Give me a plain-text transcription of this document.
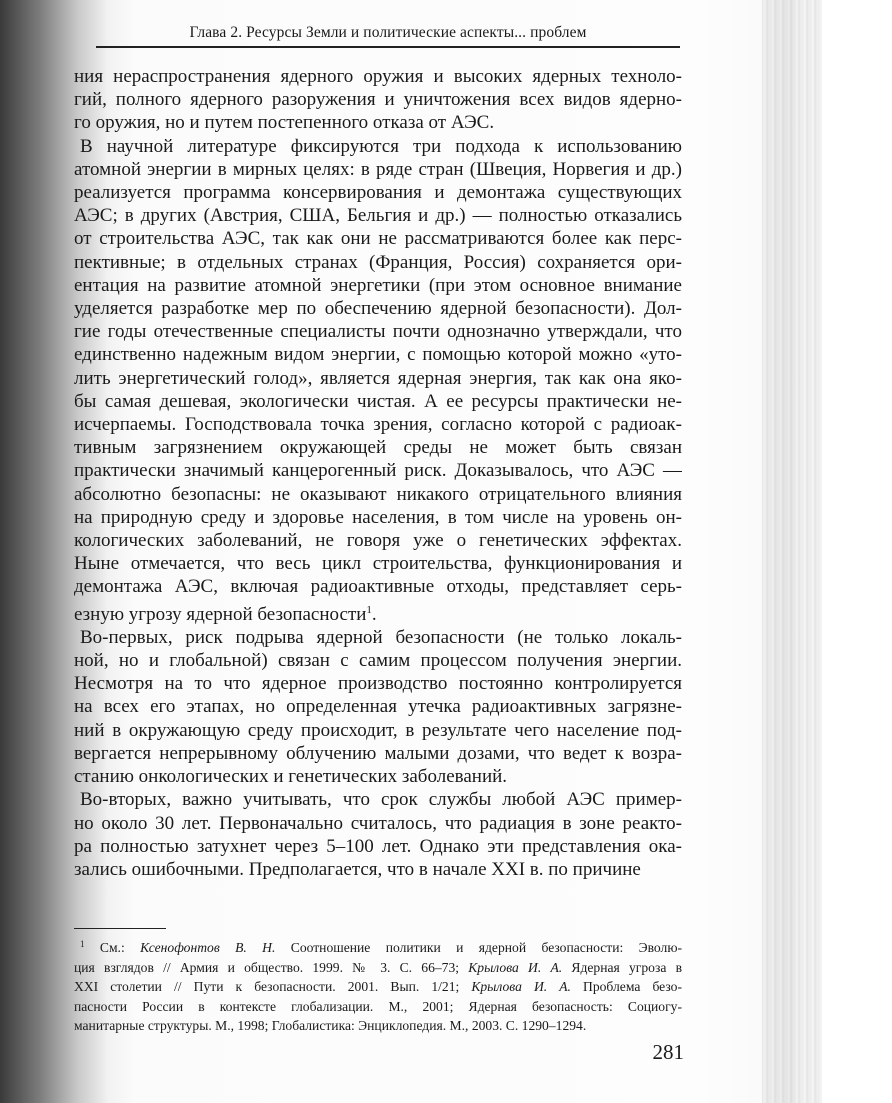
Глава 2. Ресурсы Земли и политические аспекты... проблем
ния нераспространения ядерного оружия и высоких ядерных техноло-
гий, полного ядерного разоружения и уничтожения всех видов ядерно-
го оружия, но и путем постепенного отказа от АЭС.
В научной литературе фиксируются три подхода к использованию
атомной энергии в мирных целях: в ряде стран (Швеция, Норвегия и др.)
реализуется программа консервирования и демонтажа существующих
АЭС; в других (Австрия, США, Бельгия и др.) — полностью отказались
от строительства АЭС, так как они не рассматриваются более как перс-
пективные; в отдельных странах (Франция, Россия) сохраняется ори-
ентация на развитие атомной энергетики (при этом основное внимание
уделяется разработке мер по обеспечению ядерной безопасности). Дол-
гие годы отечественные специалисты почти однозначно утверждали, что
единственно надежным видом энергии, с помощью которой можно «уто-
лить энергетический голод», является ядерная энергия, так как она яко-
бы самая дешевая, экологически чистая. А ее ресурсы практически не-
исчерпаемы. Господствовала точка зрения, согласно которой с радиоак-
тивным загрязнением окружающей среды не может быть связан
практически значимый канцерогенный риск. Доказывалось, что АЭС —
абсолютно безопасны: не оказывают никакого отрицательного влияния
на природную среду и здоровье населения, в том числе на уровень он-
кологических заболеваний, не говоря уже о генетических эффектах.
Ныне отмечается, что весь цикл строительства, функционирования и
демонтажа АЭС, включая радиоактивные отходы, представляет серь-
езную угрозу ядерной безопасности$^1$.
Во-первых, риск подрыва ядерной безопасности (не только локаль-
ной, но и глобальной) связан с самим процессом получения энергии.
Несмотря на то что ядерное производство постоянно контролируется
на всех его этапах, но определенная утечка радиоактивных загрязне-
ний в окружающую среду происходит, в результате чего население под-
вергается непрерывному облучению малыми дозами, что ведет к возра-
станию онкологических и генетических заболеваний.
Во-вторых, важно учитывать, что срок службы любой АЭС пример-
но около 30 лет. Первоначально считалось, что радиация в зоне реакто-
ра полностью затухнет через 5–100 лет. Однако эти представления ока-
зались ошибочными. Предполагается, что в начале XXI в. по причине
$^1$ См.: Ксенофонтов В. Н. Соотношение политики и ядерной безопасности: Эволю-
ция взглядов // Армия и общество. 1999. № 3. С. 66–73; Крылова И. А. Ядерная угроза в
XXI столетии // Пути к безопасности. 2001. Вып. 1/21; Крылова И. А. Проблема безо-
пасности России в контексте глобализации. М., 2001; Ядерная безопасность: Социогу-
манитарные структуры. М., 1998; Глобалистика: Энциклопедия. М., 2003. С. 1290–1294.
281
